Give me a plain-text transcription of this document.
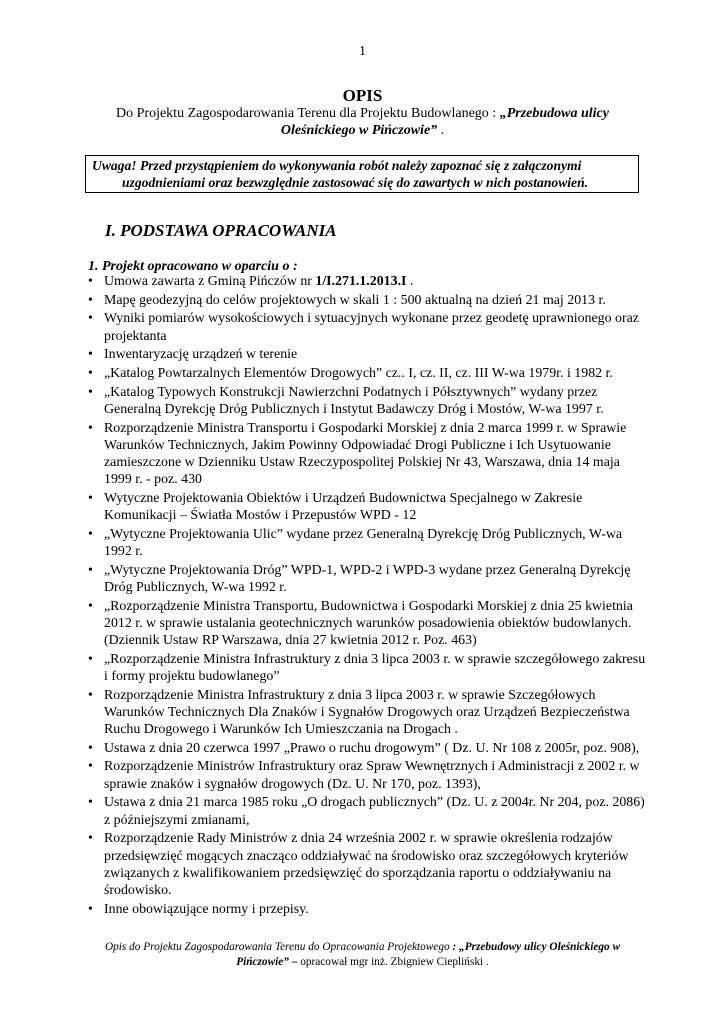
1
OPIS
Do Projektu Zagospodarowania Terenu dla Projektu Budowlanego : „Przebudowa ulicy Oleśnickiego w Pińczowie” .
Uwaga! Przed przystąpieniem do wykonywania robót należy zapoznać się z załączonymi
uzgodnieniami oraz bezwzględnie zastosować się do zawartych w nich postanowień.
I. PODSTAWA OPRACOWANIA
1. Projekt opracowano w oparciu o :
• Umowa zawarta z Gminą Pińczów nr 1/I.271.1.2013.I .
• Mapę geodezyjną do celów projektowych w skali 1 : 500 aktualną na dzień 21 maj 2013 r.
• Wyniki pomiarów wysokościowych i sytuacyjnych wykonane przez geodetę uprawnionego oraz projektanta
• Inwentaryzację urządzeń w terenie
• „Katalog Powtarzalnych Elementów Drogowych” cz.. I, cz. II, cz. III W-wa 1979r. i 1982 r.
• „Katalog Typowych Konstrukcji Nawierzchni Podatnych i Półsztywnych” wydany przez Generalną Dyrekcję Dróg Publicznych i Instytut Badawczy Dróg i Mostów, W-wa 1997 r.
• Rozporządzenie Ministra Transportu i Gospodarki Morskiej z dnia 2 marca 1999 r. w Sprawie Warunków Technicznych, Jakim Powinny Odpowiadać Drogi Publiczne i Ich Usytuowanie zamieszczone w Dzienniku Ustaw Rzeczypospolitej Polskiej Nr 43, Warszawa, dnia 14 maja 1999 r. - poz. 430
• Wytyczne Projektowania Obiektów i Urządzeń Budownictwa Specjalnego w Zakresie Komunikacji – Światła Mostów i Przepustów WPD - 12
• „Wytyczne Projektowania Ulic” wydane przez Generalną Dyrekcję Dróg Publicznych, W-wa 1992 r.
• „Wytyczne Projektowania Dróg” WPD-1, WPD-2 i WPD-3 wydane przez Generalną Dyrekcję Dróg Publicznych, W-wa 1992 r.
• „Rozporządzenie Ministra Transportu, Budownictwa i Gospodarki Morskiej z dnia 25 kwietnia 2012 r. w sprawie ustalania geotechnicznych warunków posadowienia obiektów budowlanych.(Dziennik Ustaw RP Warszawa, dnia 27 kwietnia 2012 r. Poz. 463)
• „Rozporządzenie Ministra Infrastruktury z dnia 3 lipca 2003 r. w sprawie szczegółowego zakresu i formy projektu budowlanego”
• Rozporządzenie Ministra Infrastruktury z dnia 3 lipca 2003 r. w sprawie Szczegółowych Warunków Technicznych Dla Znaków i Sygnałów Drogowych oraz Urządzeń Bezpieczeństwa Ruchu Drogowego i Warunków Ich Umieszczania na Drogach .
• Ustawa z dnia 20 czerwca 1997 „Prawo o ruchu drogowym” ( Dz. U. Nr 108 z 2005r, poz. 908),
• Rozporządzenie Ministrów Infrastruktury oraz Spraw Wewnętrznych i Administracji z 2002 r. w sprawie znaków i sygnałów drogowych (Dz. U. Nr 170, poz. 1393),
• Ustawa z dnia 21 marca 1985 roku „O drogach publicznych” (Dz. U. z 2004r. Nr 204, poz. 2086) z późniejszymi zmianami,
• Rozporządzenie Rady Ministrów z dnia 24 września 2002 r. w sprawie określenia rodzajów przedsięwzięć mogących znacząco oddziaływać na środowisko oraz szczegółowych kryteriów związanych z kwalifikowaniem przedsięwzięć do sporządzania raportu o oddziaływaniu na środowisko.
• Inne obowiązujące normy i przepisy.
Opis do Projektu Zagospodarowania Terenu do Opracowania Projektowego : „Przebudowy ulicy Oleśnickiego w Pińczowie” – opracował mgr inż. Zbigniew Ciepliński .
